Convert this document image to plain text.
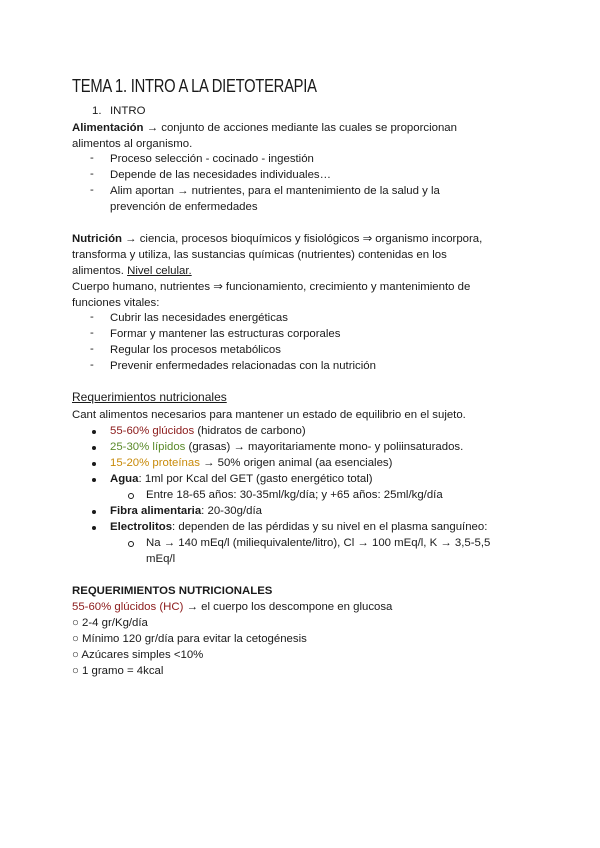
TEMA 1. INTRO A LA DIETOTERAPIA
1. INTRO
Alimentación → conjunto de acciones mediante las cuales se proporcionan
alimentos al organismo.
- Proceso selección - cocinado - ingestión
- Depende de las necesidades individuales…
- Alim aportan → nutrientes, para el mantenimiento de la salud y la
prevención de enfermedades
Nutrición → ciencia, procesos bioquímicos y fisiológicos ⇒ organismo incorpora,
transforma y utiliza, las sustancias químicas (nutrientes) contenidas en los
alimentos. Nivel celular.
Cuerpo humano, nutrientes ⇒ funcionamiento, crecimiento y mantenimiento de
funciones vitales:
- Cubrir las necesidades energéticas
- Formar y mantener las estructuras corporales
- Regular los procesos metabólicos
- Prevenir enfermedades relacionadas con la nutrición
Requerimientos nutricionales
Cant alimentos necesarios para mantener un estado de equilibrio en el sujeto.
55-60% glúcidos (hidratos de carbono)
25-30% lípidos (grasas) → mayoritariamente mono- y poliinsaturados.
15-20% proteínas → 50% origen animal (aa esenciales)
Agua: 1ml por Kcal del GET (gasto energético total)
Entre 18-65 años: 30-35ml/kg/día; y +65 años: 25ml/kg/día
Fibra alimentaria: 20-30g/día
Electrolitos: dependen de las pérdidas y su nivel en el plasma sanguíneo:
Na → 140 mEq/l (miliequivalente/litro), Cl → 100 mEq/l, K → 3,5-5,5
mEq/l
REQUERIMIENTOS NUTRICIONALES
55-60% glúcidos (HC) → el cuerpo los descompone en glucosa
○ 2-4 gr/Kg/día
○ Mínimo 120 gr/día para evitar la cetogénesis
○ Azúcares simples <10%
○ 1 gramo = 4kcal
